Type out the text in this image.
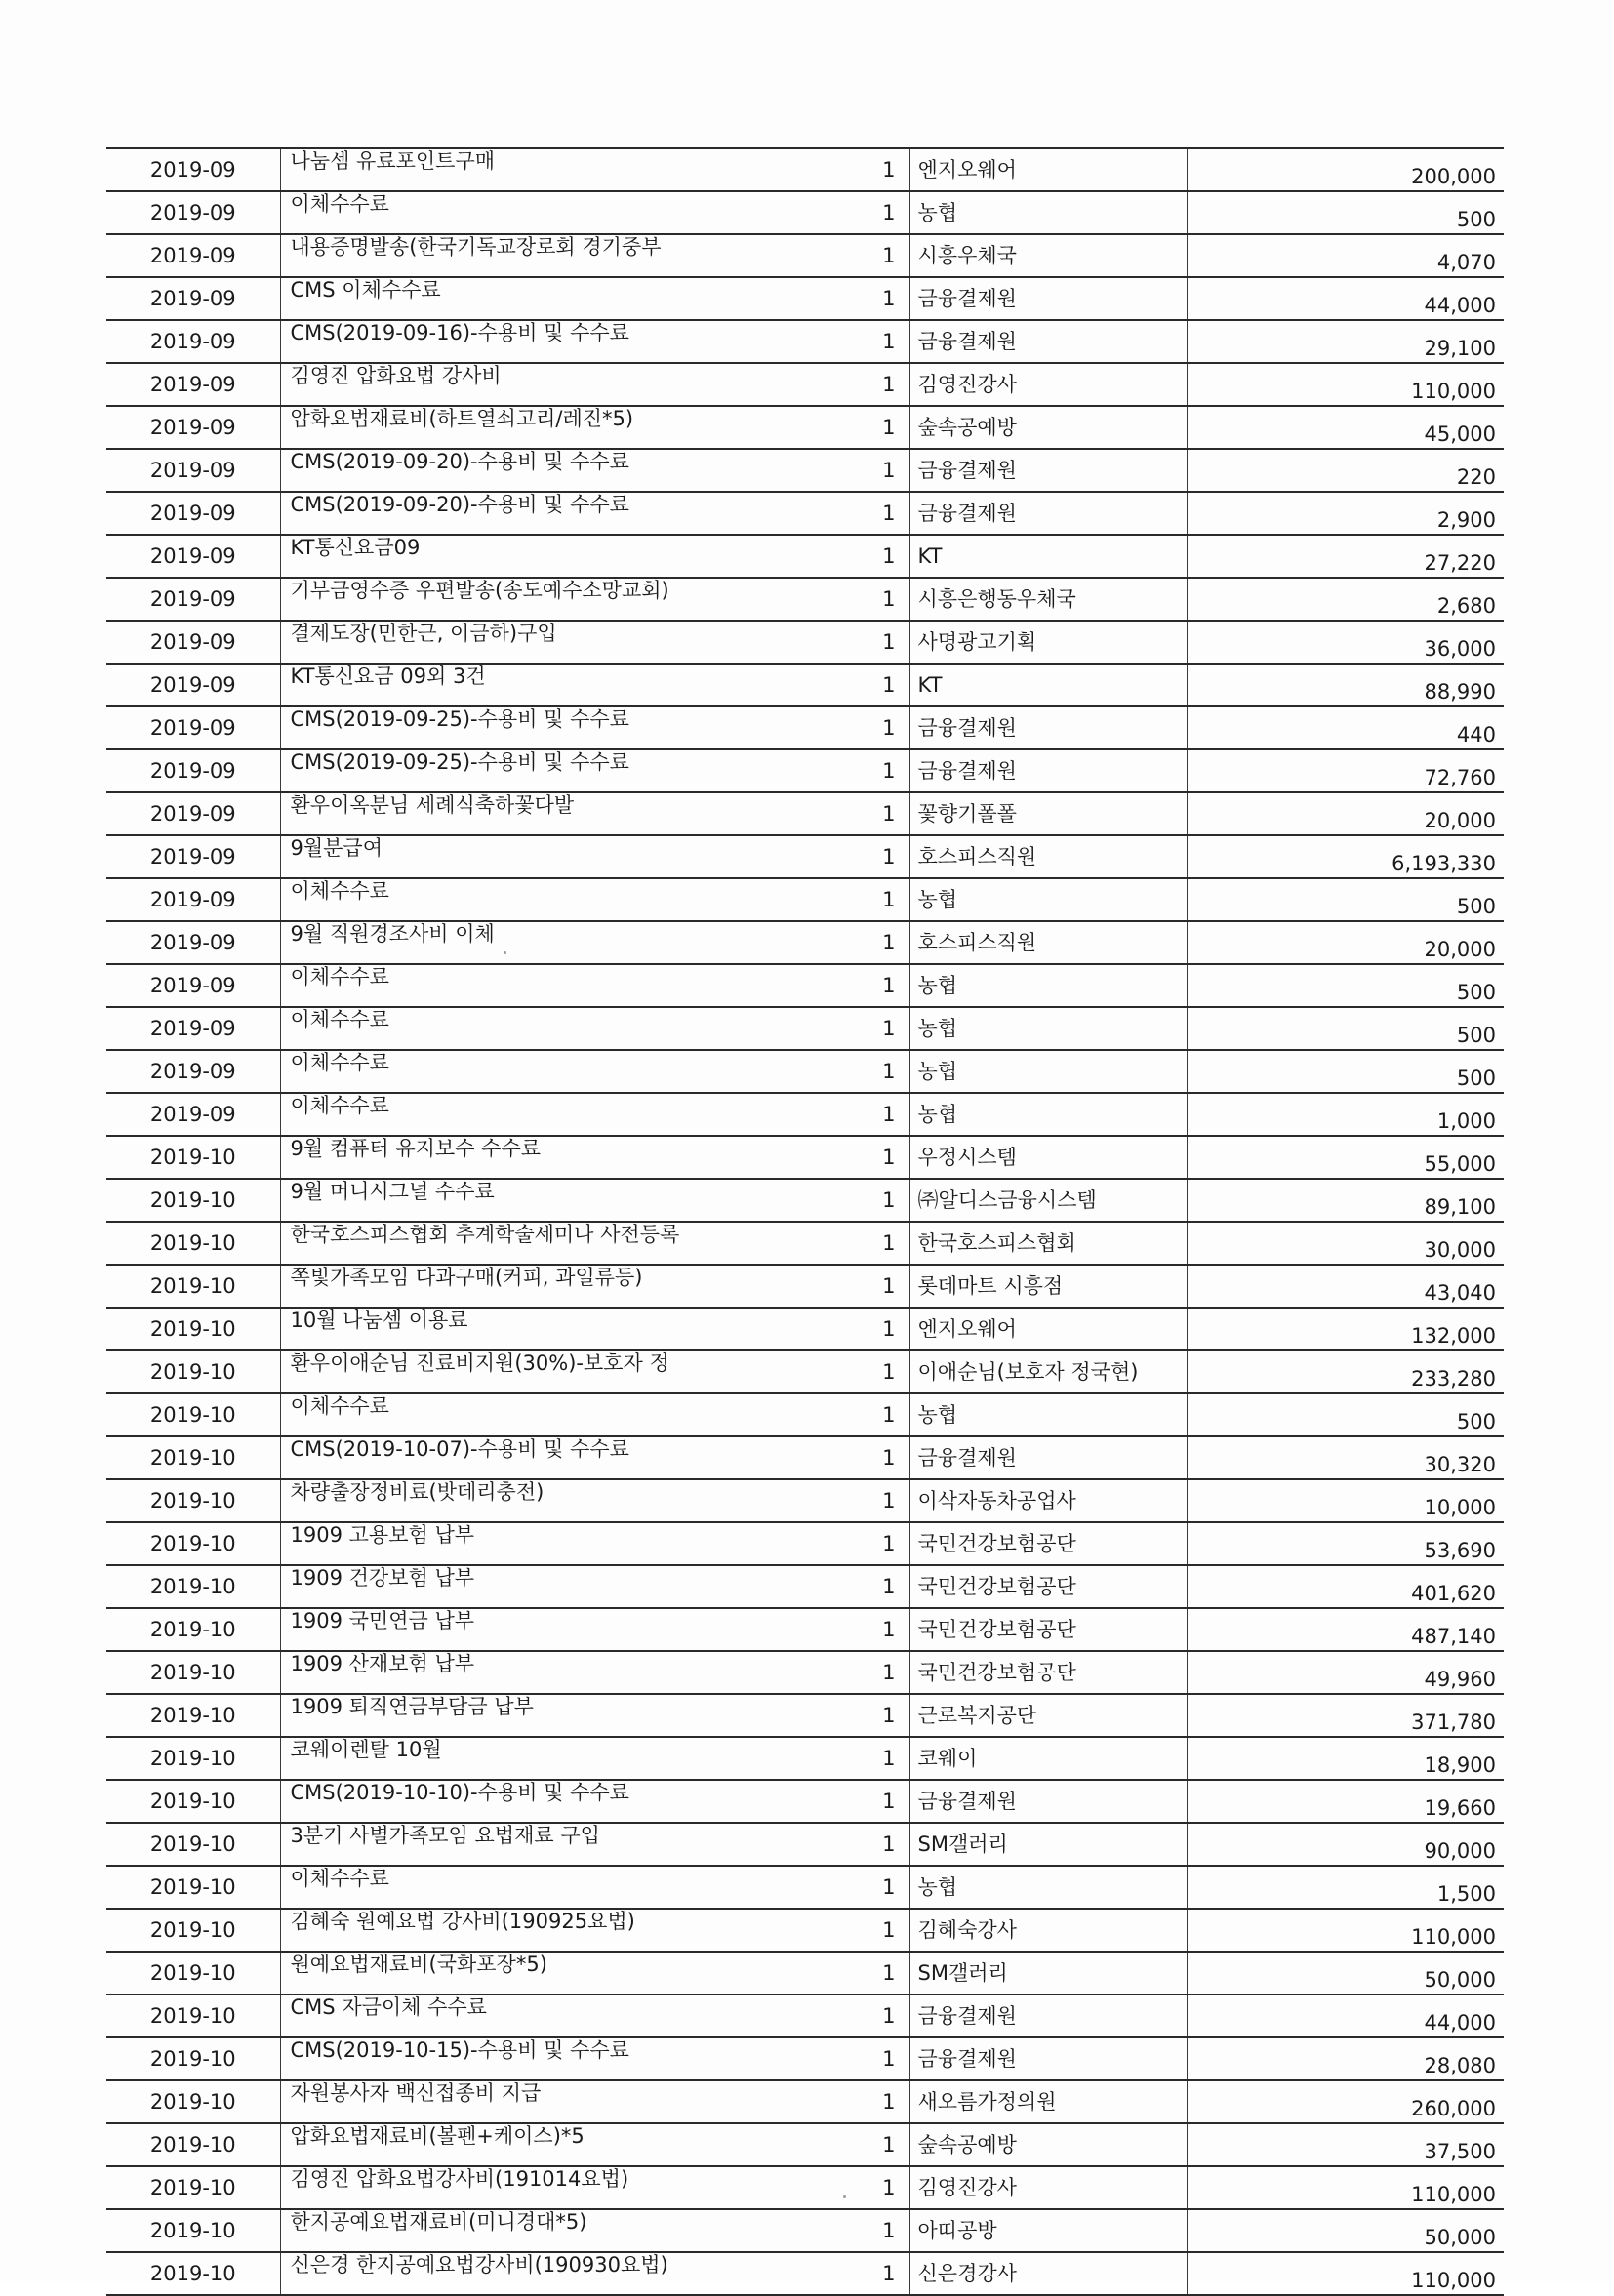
2019-09	나눔셈 유료포인트구매	1	엔지오웨어	200,000
2019-09	이체수수료	1	농협	500
2019-09	내용증명발송(한국기독교장로회 경기중부	1	시흥우체국	4,070
2019-09	CMS 이체수수료	1	금융결제원	44,000
2019-09	CMS(2019-09-16)-수용비 및 수수료	1	금융결제원	29,100
2019-09	김영진 압화요법 강사비	1	김영진강사	110,000
2019-09	압화요법재료비(하트열쇠고리/레진*5)	1	숲속공예방	45,000
2019-09	CMS(2019-09-20)-수용비 및 수수료	1	금융결제원	220
2019-09	CMS(2019-09-20)-수용비 및 수수료	1	금융결제원	2,900
2019-09	KT통신요금09	1	KT	27,220
2019-09	기부금영수증 우편발송(송도예수소망교회)	1	시흥은행동우체국	2,680
2019-09	결제도장(민한근, 이금하)구입	1	사명광고기획	36,000
2019-09	KT통신요금 09외 3건	1	KT	88,990
2019-09	CMS(2019-09-25)-수용비 및 수수료	1	금융결제원	440
2019-09	CMS(2019-09-25)-수용비 및 수수료	1	금융결제원	72,760
2019-09	환우이옥분님 세례식축하꽃다발	1	꽃향기폴폴	20,000
2019-09	9월분급여	1	호스피스직원	6,193,330
2019-09	이체수수료	1	농협	500
2019-09	9월 직원경조사비 이체	1	호스피스직원	20,000
2019-09	이체수수료	1	농협	500
2019-09	이체수수료	1	농협	500
2019-09	이체수수료	1	농협	500
2019-09	이체수수료	1	농협	1,000
2019-10	9월 컴퓨터 유지보수 수수료	1	우정시스템	55,000
2019-10	9월 머니시그널 수수료	1	㈜알디스금융시스템	89,100
2019-10	한국호스피스협회 추계학술세미나 사전등록	1	한국호스피스협회	30,000
2019-10	쪽빛가족모임 다과구매(커피, 과일류등)	1	롯데마트 시흥점	43,040
2019-10	10월 나눔셈 이용료	1	엔지오웨어	132,000
2019-10	환우이애순님 진료비지원(30%)-보호자 정	1	이애순님(보호자 정국현)	233,280
2019-10	이체수수료	1	농협	500
2019-10	CMS(2019-10-07)-수용비 및 수수료	1	금융결제원	30,320
2019-10	차량출장정비료(밧데리충전)	1	이삭자동차공업사	10,000
2019-10	1909 고용보험 납부	1	국민건강보험공단	53,690
2019-10	1909 건강보험 납부	1	국민건강보험공단	401,620
2019-10	1909 국민연금 납부	1	국민건강보험공단	487,140
2019-10	1909 산재보험 납부	1	국민건강보험공단	49,960
2019-10	1909 퇴직연금부담금 납부	1	근로복지공단	371,780
2019-10	코웨이렌탈 10월	1	코웨이	18,900
2019-10	CMS(2019-10-10)-수용비 및 수수료	1	금융결제원	19,660
2019-10	3분기 사별가족모임 요법재료 구입	1	SM갤러리	90,000
2019-10	이체수수료	1	농협	1,500
2019-10	김혜숙 원예요법 강사비(190925요법)	1	김혜숙강사	110,000
2019-10	원예요법재료비(국화포장*5)	1	SM갤러리	50,000
2019-10	CMS 자금이체 수수료	1	금융결제원	44,000
2019-10	CMS(2019-10-15)-수용비 및 수수료	1	금융결제원	28,080
2019-10	자원봉사자 백신접종비 지급	1	새오름가정의원	260,000
2019-10	압화요법재료비(볼펜+케이스)*5	1	숲속공예방	37,500
2019-10	김영진 압화요법강사비(191014요법)	1	김영진강사	110,000
2019-10	한지공예요법재료비(미니경대*5)	1	아띠공방	50,000
2019-10	신은경 한지공예요법강사비(190930요법)	1	신은경강사	110,000
